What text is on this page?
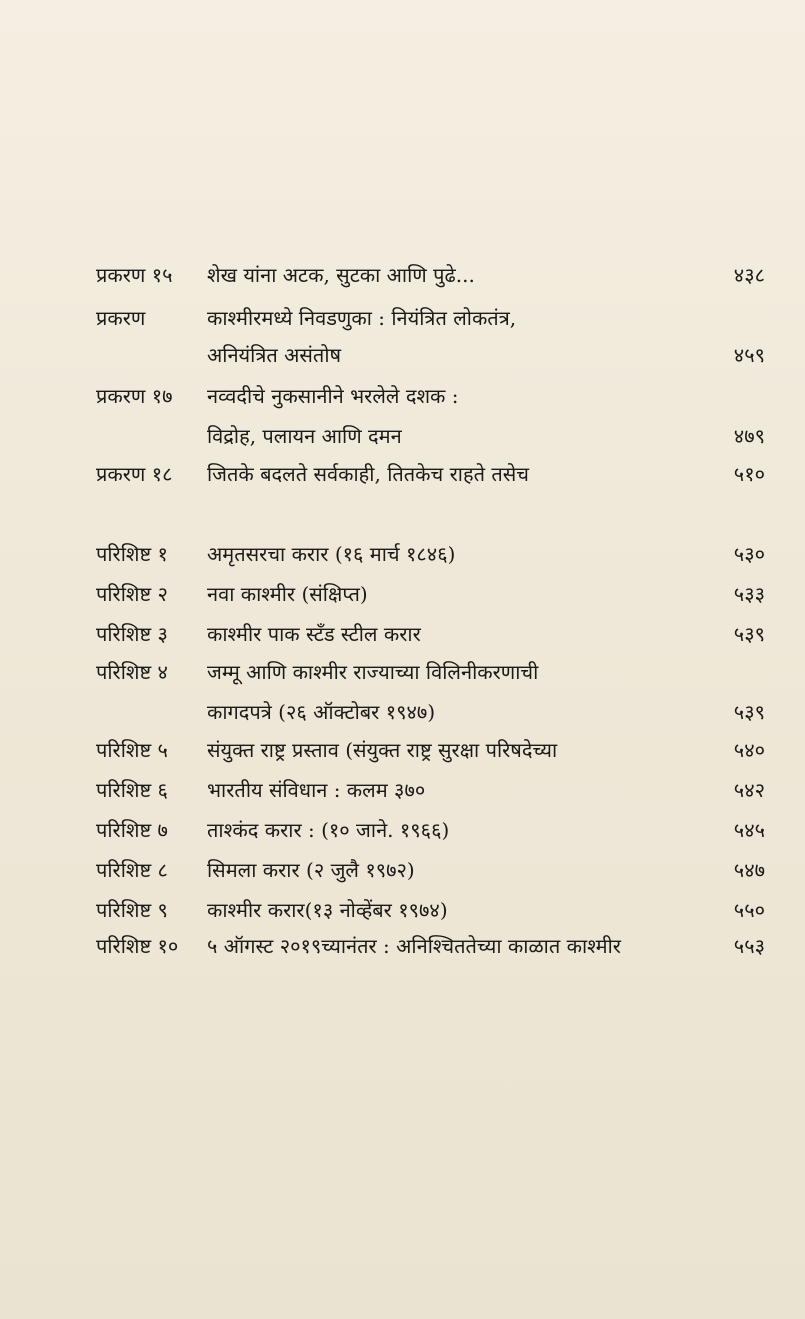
प्रकरण १५ शेख यांना अटक, सुटका आणि पुढे...	४३८
प्रकरण	काश्मीरमध्ये निवडणुका : नियंत्रित लोकतंत्र,
अनियंत्रित असंतोष	४५९
प्रकरण १७ नव्वदीचे नुकसानीने भरलेले दशक :
विद्रोह, पलायन आणि दमन	४७९
प्रकरण १८ जितके बदलते सर्वकाही, तितकेच राहते तसेच	५१०
परिशिष्ट १ अमृतसरचा करार (१६ मार्च १८४६)	५३०
परिशिष्ट २ नवा काश्मीर (संक्षिप्त)	५३३
परिशिष्ट ३ काश्मीर पाक स्टँड स्टील करार	५३९
परिशिष्ट ४ जम्मू आणि काश्मीर राज्याच्या विलिनीकरणाची
कागदपत्रे (२६ ऑक्टोबर १९४७)	५३९
परिशिष्ट ५ संयुक्त राष्ट्र प्रस्ताव (संयुक्त राष्ट्र सुरक्षा परिषदेच्या	५४०
परिशिष्ट ६ भारतीय संविधान : कलम ३७०	५४२
परिशिष्ट ७ ताश्कंद करार : (१० जाने. १९६६)	५४५
परिशिष्ट ८ सिमला करार (२ जुलै १९७२)	५४७
परिशिष्ट ९ काश्मीर करार(१३ नोव्हेंबर १९७४)	५५०
परिशिष्ट १० ५ ऑगस्ट २०१९च्यानंतर : अनिश्चिततेच्या काळात काश्मीर	५५३
